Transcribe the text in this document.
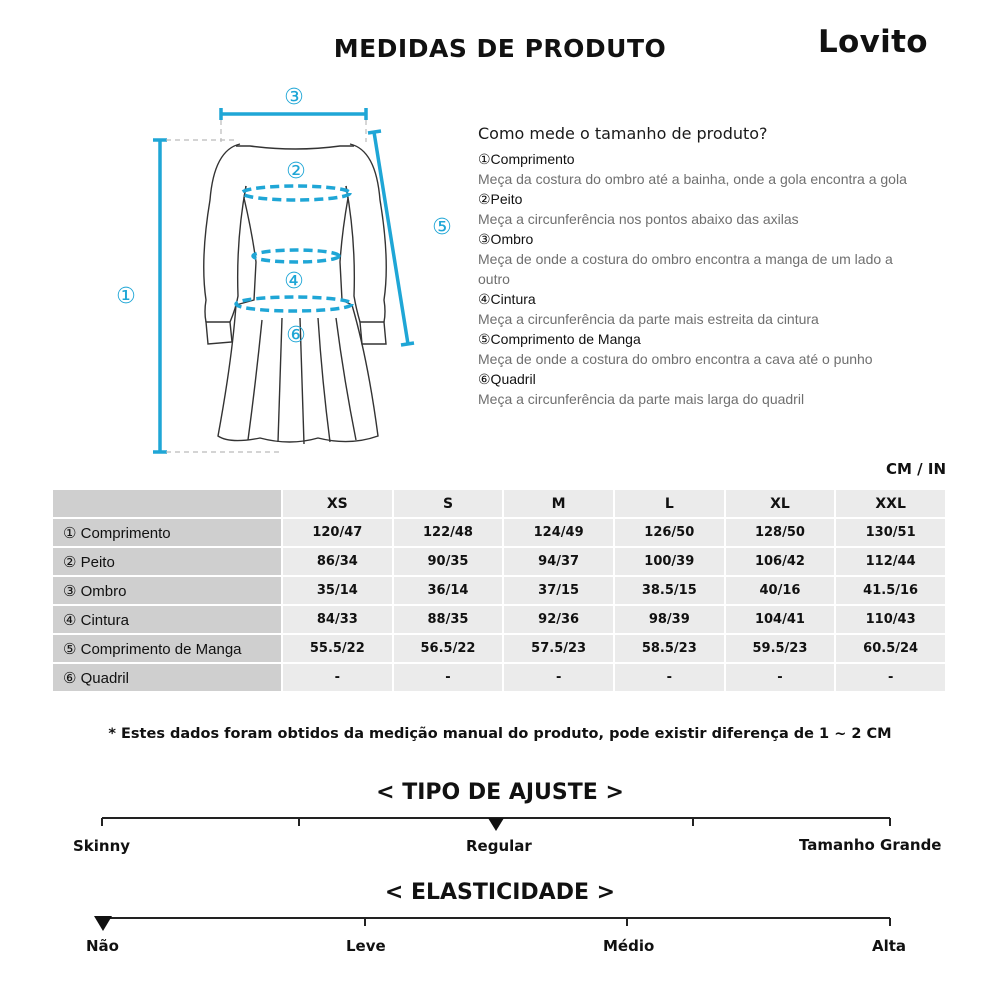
MEDIDAS DE PRODUTO	Lovito
①
②
③
④
⑤
⑥
Como mede o tamanho de produto?
①Comprimento
Meça da costura do ombro até a bainha, onde a gola encontra a gola
②Peito
Meça a circunferência nos pontos abaixo das axilas
③Ombro
Meça de onde a costura do ombro encontra a manga de um lado a outro
④Cintura
Meça a circunferência da parte mais estreita da cintura
⑤Comprimento de Manga
Meça de onde a costura do ombro encontra a cava até o punho
⑥Quadril
Meça a circunferência da parte mais larga do quadril
CM / IN
	XS	S	M	L	XL	XXL
① Comprimento	120/47	122/48	124/49	126/50	128/50	130/51
② Peito	86/34	90/35	94/37	100/39	106/42	112/44
③ Ombro	35/14	36/14	37/15	38.5/15	40/16	41.5/16
④ Cintura	84/33	88/35	92/36	98/39	104/41	110/43
⑤ Comprimento de Manga	55.5/22	56.5/22	57.5/23	58.5/23	59.5/23	60.5/24
⑥ Quadril	-	-	-	-	-	-
* Estes dados foram obtidos da medição manual do produto, pode existir diferença de 1 ~ 2 CM
< TIPO DE AJUSTE >
Skinny	Regular	Tamanho Grande
< ELASTICIDADE >
Não	Leve	Médio	Alta
